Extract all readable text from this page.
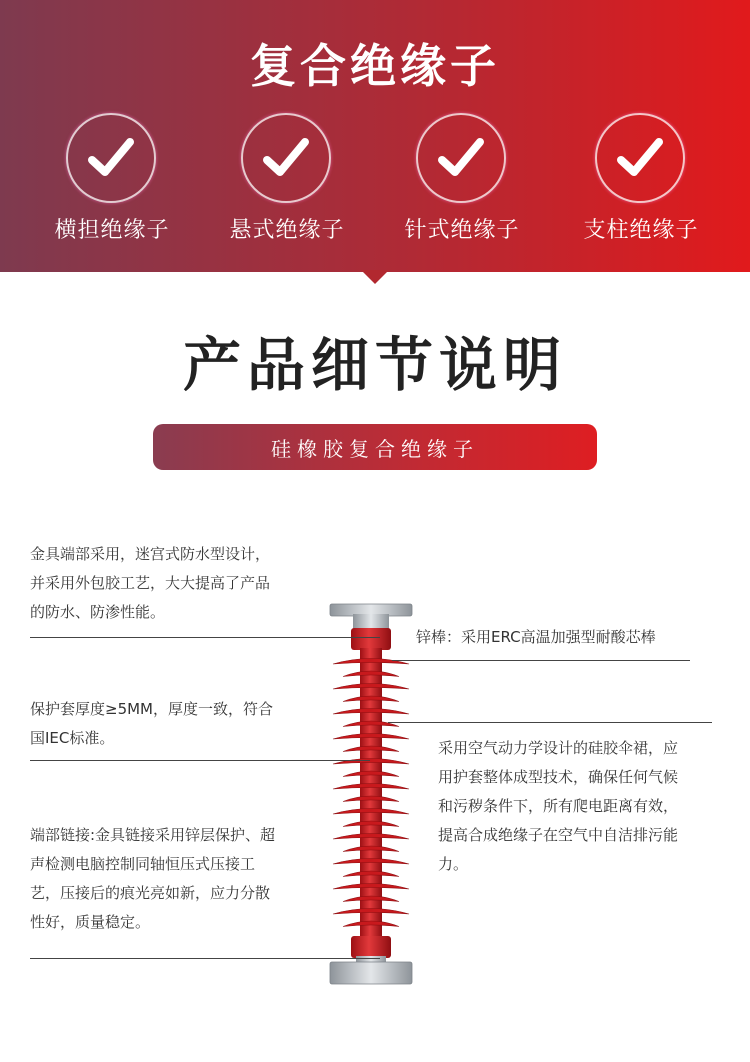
复合绝缘子
横担绝缘子	悬式绝缘子	针式绝缘子	支柱绝缘子
产品细节说明
硅橡胶复合绝缘子
金具端部采用，迷宫式防水型设计，
并采用外包胶工艺，大大提高了产品
的防水、防渗性能。
锌棒：采用ERC高温加强型耐酸芯棒
保护套厚度≥5MM，厚度一致，符合
国IEC标准。
采用空气动力学设计的硅胶伞裙，应
用护套整体成型技术，确保任何气候
和污秽条件下，所有爬电距离有效，
提高合成绝缘子在空气中自洁排污能
力。
端部链接:金具链接采用锌层保护、超
声检测电脑控制同轴恒压式压接工
艺，压接后的痕光亮如新，应力分散
性好，质量稳定。
